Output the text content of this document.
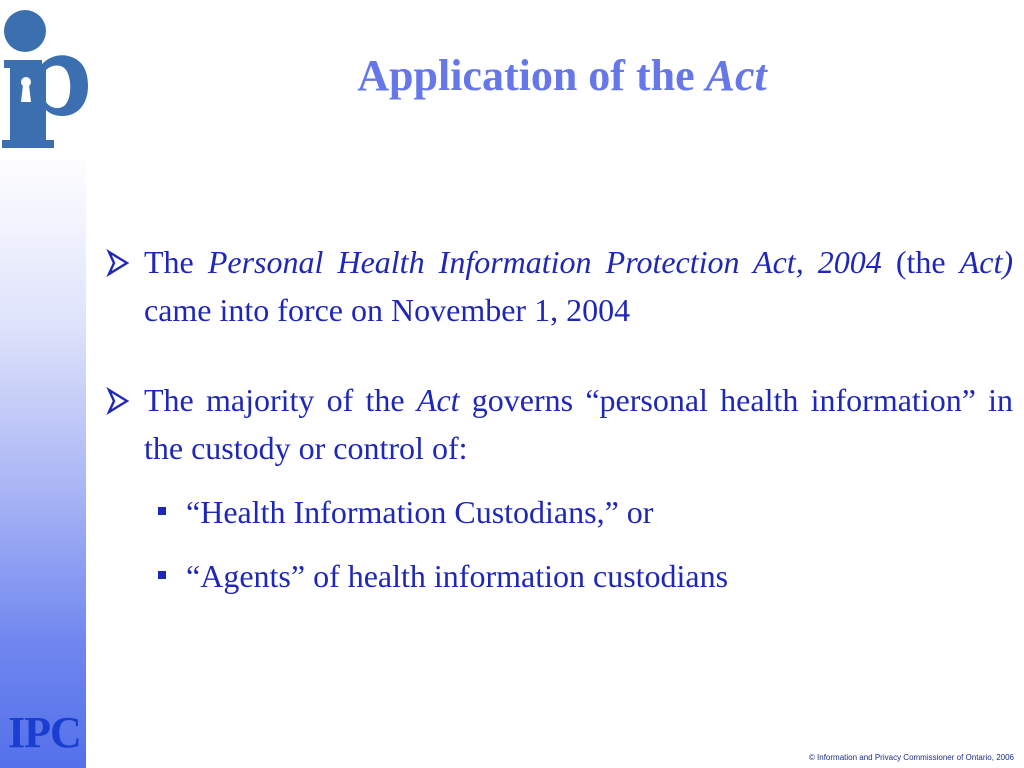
Application of the Act
The Personal Health Information Protection Act, 2004 (the Act) came into force on November 1, 2004
The majority of the Act governs “personal health information” in the custody or control of:
“Health Information Custodians,” or
“Agents” of health information custodians
IPC
© Information and Privacy Commissioner of Ontario, 2006
